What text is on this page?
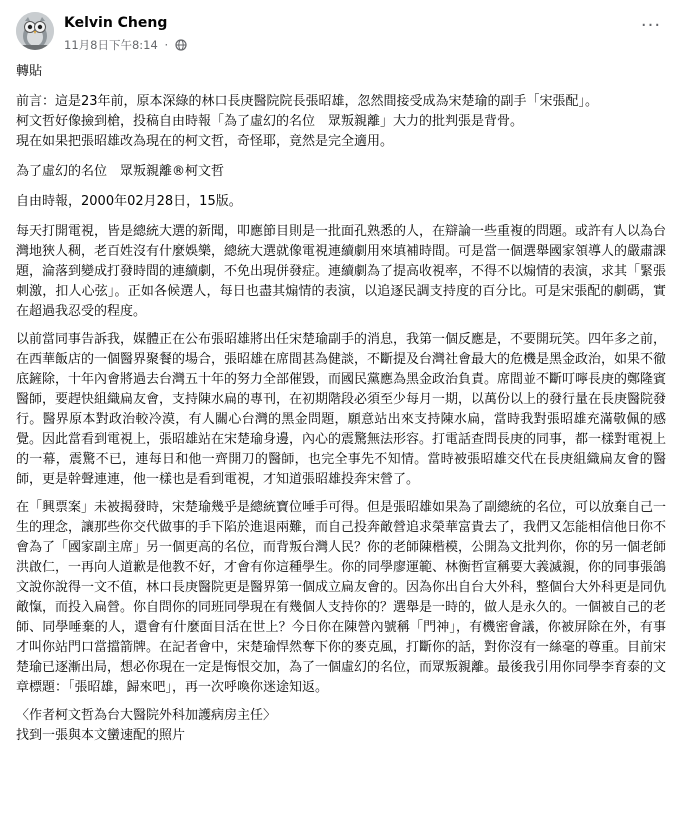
Kelvin Cheng
11月8日下午8:14 ·
···

轉貼

前言：這是23年前，原本深綠的林口長庚醫院院長張昭雄，忽然間接受成為宋楚瑜的副手「宋張配」。

柯文哲好像撿到槍，投稿自由時報「為了虛幻的名位　眾叛親離」大力的批判張是背骨。

現在如果把張昭雄改為現在的柯文哲，奇怪耶，竟然是完全適用。

為了虛幻的名位　眾叛親離®柯文哲

自由時報，2000年02月28日，15版。

每天打開電視，皆是總統大選的新聞，叩應節目則是一批面孔熟悉的人，在辯論一些重複的問題。或許有人以為台灣地狹人稠，老百姓沒有什麼娛樂，總統大選就像電視連續劇用來填補時間。可是當一個選舉國家領導人的嚴肅課題，淪落到變成打發時間的連續劇，不免出現併發症。連續劇為了提高收視率，不得不以煽情的表演，求其「緊張刺激，扣人心弦」。正如各候選人，每日也盡其煽情的表演，以追逐民調支持度的百分比。可是宋張配的劇碼，實在超過我忍受的程度。

以前當同事告訴我，媒體正在公布張昭雄將出任宋楚瑜副手的消息，我第一個反應是，不要開玩笑。四年多之前，在西華飯店的一個醫界聚餐的場合，張昭雄在席間甚為健談，不斷提及台灣社會最大的危機是黑金政治，如果不徹底鏟除，十年內會將過去台灣五十年的努力全部催毀，而國民黨應為黑金政治負責。席間並不斷叮嚀長庚的鄭隆賓醫師，要趕快組織扁友會，支持陳水扁的專刊，在初期階段必須至少每月一期，以萬份以上的發行量在長庚醫院發行。醫界原本對政治較冷漠，有人關心台灣的黑金問題，願意站出來支持陳水扁，當時我對張昭雄充滿敬佩的感覺。因此當看到電視上，張昭雄站在宋楚瑜身邊，內心的震驚無法形容。打電話查問長庚的同事，都一樣對電視上的一幕，震驚不已，連每日和他一齊開刀的醫師，也完全事先不知情。當時被張昭雄交代在長庚組織扁友會的醫師，更是幹聲連連，他一樣也是看到電視，才知道張昭雄投奔宋營了。

在「興票案」未被揭發時，宋楚瑜幾乎是總統寶位唾手可得。但是張昭雄如果為了副總統的名位，可以放棄自己一生的理念，讓那些你交代做事的手下陷於進退兩難，而自己投奔敵營追求榮華富貴去了，我們又怎能相信他日你不會為了「國家副主席」另一個更高的名位，而背叛台灣人民？你的老師陳楷模，公開為文批判你，你的另一個老師洪啟仁，一再向人道歉是他教不好，才會有你這種學生。你的同學廖運範、林衡哲宣稱要大義滅親，你的同事張鴿文說你說得一文不值，林口長庚醫院更是醫界第一個成立扁友會的。因為你出自台大外科，整個台大外科更是同仇敵愾，而投入扁營。你自問你的同班同學現在有幾個人支持你的？選舉是一時的，做人是永久的。一個被自己的老師、同學唾棄的人，還會有什麼面目活在世上？今日你在陳營內號稱「門神」，有機密會議，你被屏除在外，有事才叫你站門口當擋箭牌。在記者會中，宋楚瑜悍然奪下你的麥克風，打斷你的話，對你沒有一絲毫的尊重。目前宋楚瑜已逐漸出局，想必你現在一定是悔恨交加，為了一個虛幻的名位，而眾叛親離。最後我引用你同學李育泰的文章標題：「張昭雄，歸來吧」，再一次呼喚你迷途知返。

〈作者柯文哲為台大醫院外科加護病房主任〉

找到一張與本文蠻速配的照片
